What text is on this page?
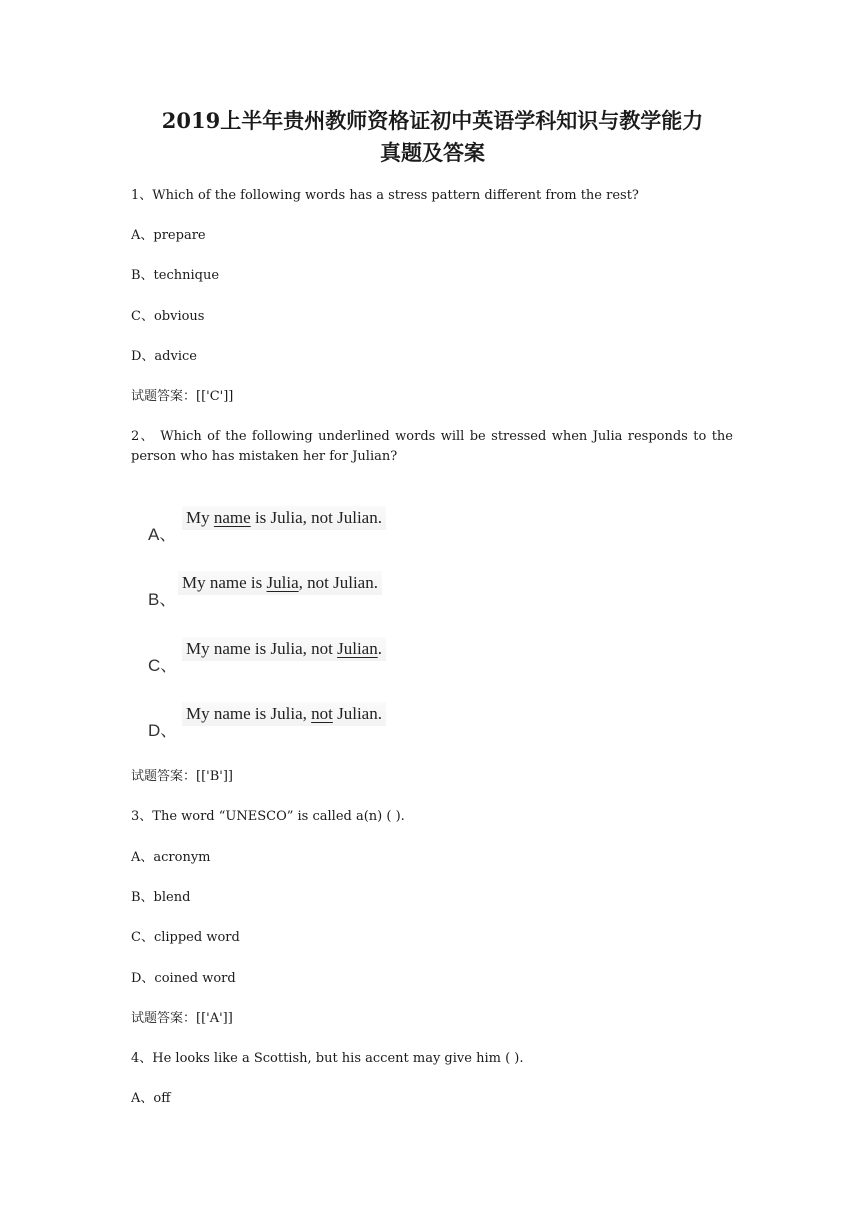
2019上半年贵州教师资格证初中英语学科知识与教学能力
真题及答案

1、Which of the following words has a stress pattern different from the rest?

A、prepare

B、technique

C、obvious

D、advice

试题答案：[['C']]

2、 Which of the following underlined words will be stressed when Julia responds to the person who has mistaken her for Julian?

A、
My name is Julia, not Julian.
B、
My name is Julia, not Julian.
C、
My name is Julia, not Julian.
D、
My name is Julia, not Julian.

试题答案：[['B']]

3、The word “UNESCO” is called a(n) ( ).

A、acronym

B、blend

C、clipped word

D、coined word

试题答案：[['A']]

4、He looks like a Scottish, but his accent may give him ( ).

A、off
